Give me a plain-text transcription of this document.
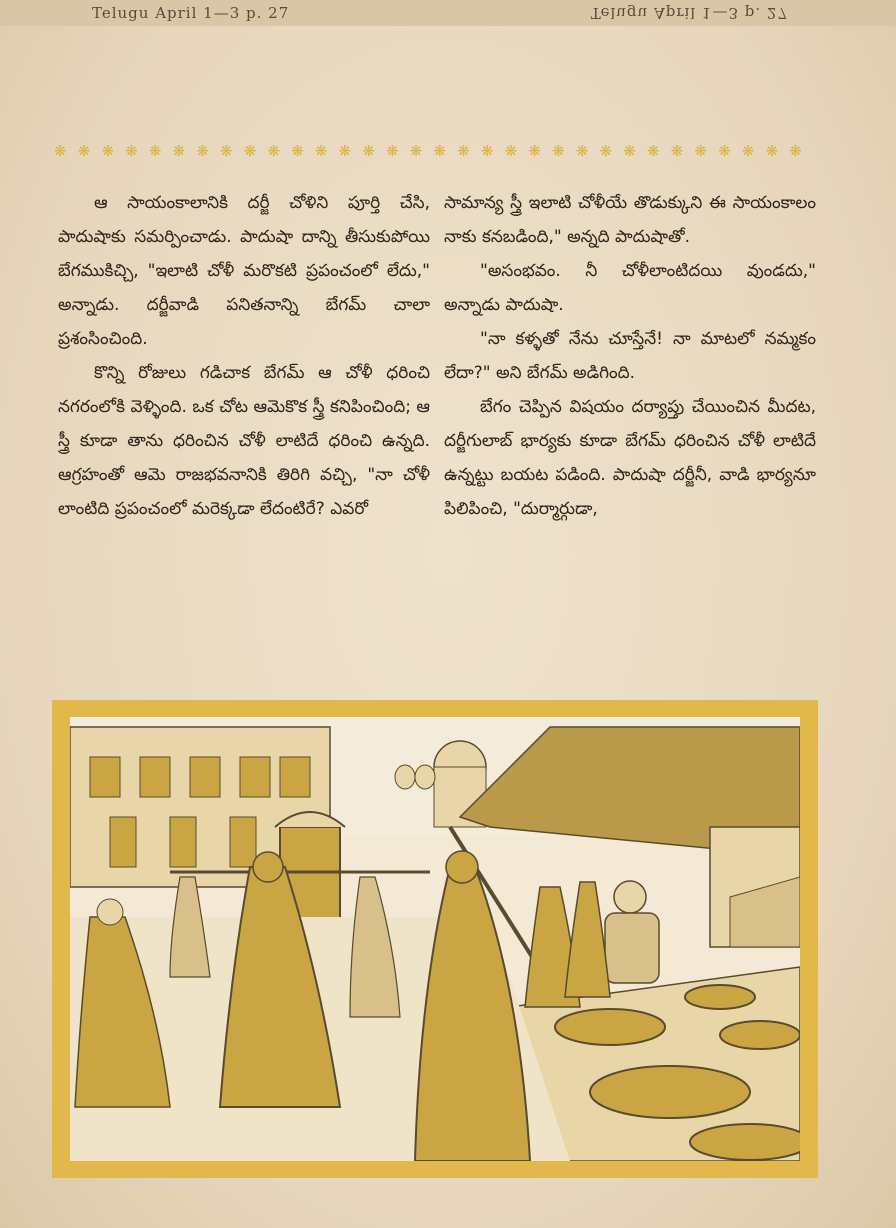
Telugu April 1—3 p. 27	Telugu April 1—3 p. 27
❋ ❋ ❋ ❋ ❋ ❋ ❋ ❋ ❋ ❋ ❋ ❋ ❋ ❋ ❋ ❋ ❋ ❋ ❋ ❋ ❋ ❋ ❋ ❋ ❋ ❋ ❋ ❋ ❋ ❋ ❋ ❋

ఆ సాయంకాలానికి దర్జీ చోళిని పూర్తి చేసి, పాదుషాకు సమర్పించాడు. పాదుషా దాన్ని తీసుకుపోయి బేగముకిచ్చి, "ఇలాటి చోళీ మరొకటి ప్రపంచంలో లేదు," అన్నాడు. దర్జీవాడి పనితనాన్ని బేగమ్ చాలా ప్రశంసించింది.

కొన్ని రోజులు గడిచాక బేగమ్ ఆ చోళీ ధరించి నగరంలోకి వెళ్ళింది. ఒక చోట ఆమెకొక స్త్రీ కనిపించింది; ఆ స్త్రీ కూడా తాను ధరించిన చోళీ లాటిదే ధరించి ఉన్నది. ఆగ్రహంతో ఆమె రాజభవనానికి తిరిగి వచ్చి, "నా చోళీ లాంటిది ప్రపంచంలో మరెక్కడా లేదంటిరే? ఎవరో

సామాన్య స్త్రీ ఇలాటి చోళీయే తొడుక్కుని ఈ సాయంకాలం నాకు కనబడింది," అన్నది పాదుషాతో.

"అసంభవం. నీ చోళీలాంటిదయి వుండదు," అన్నాడు పాదుషా.

"నా కళ్ళతో నేను చూస్తేనే! నా మాటలో నమ్మకం లేదా?" అని బేగమ్ అడిగింది.

బేగం చెప్పిన విషయం దర్యాప్తు చేయించిన మీదట, దర్జీగులాబ్ భార్యకు కూడా బేగమ్ ధరించిన చోళీ లాటిదే ఉన్నట్టు బయట పడింది. పాదుషా దర్జీనీ, వాడి భార్యనూ పిలిపించి, "దుర్మార్గుడా,
